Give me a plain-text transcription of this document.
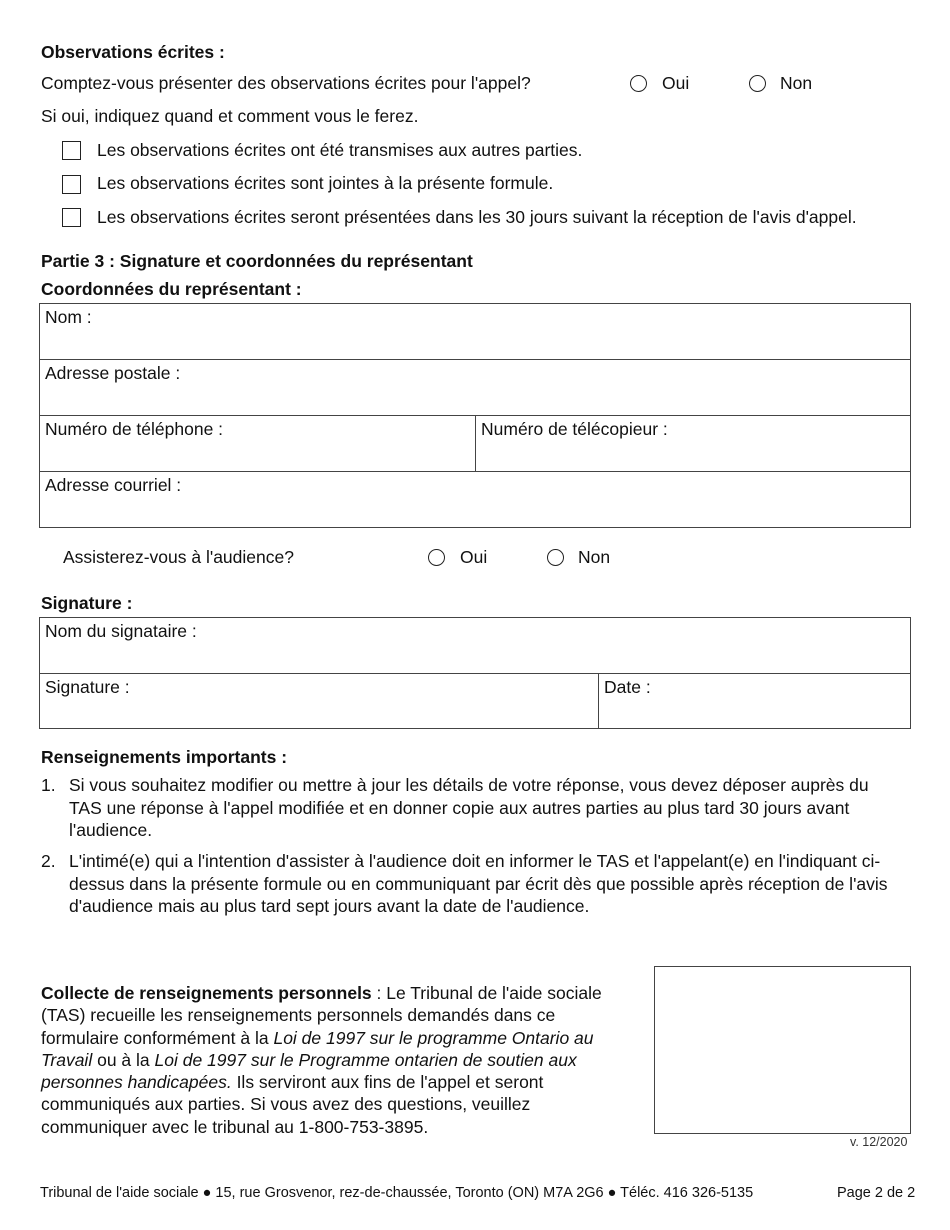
Observations écrites :
Comptez-vous présenter des observations écrites pour l'appel?	Oui	Non
Si oui, indiquez quand et comment vous le ferez.
Les observations écrites ont été transmises aux autres parties.
Les observations écrites sont jointes à la présente formule.
Les observations écrites seront présentées dans les 30 jours suivant la réception de l'avis d'appel.
Partie 3 : Signature et coordonnées du représentant
Coordonnées du représentant :
Nom :
Adresse postale :
Numéro de téléphone :	Numéro de télécopieur :
Adresse courriel :
Assisterez-vous à l'audience?	Oui	Non
Signature :
Nom du signataire :
Signature :	Date :
Renseignements importants :
1. Si vous souhaitez modifier ou mettre à jour les détails de votre réponse, vous devez déposer auprès du TAS une réponse à l'appel modifiée et en donner copie aux autres parties au plus tard 30 jours avant l'audience.
2. L'intimé(e) qui a l'intention d'assister à l'audience doit en informer le TAS et l'appelant(e) en l'indiquant ci-dessus dans la présente formule ou en communiquant par écrit dès que possible après réception de l'avis d'audience mais au plus tard sept jours avant la date de l'audience.
Collecte de renseignements personnels : Le Tribunal de l'aide sociale (TAS) recueille les renseignements personnels demandés dans ce formulaire conformément à la Loi de 1997 sur le programme Ontario au Travail ou à la Loi de 1997 sur le Programme ontarien de soutien aux personnes handicapées. Ils serviront aux fins de l'appel et seront communiqués aux parties. Si vous avez des questions, veuillez communiquer avec le tribunal au 1-800-753-3895.
v. 12/2020
Tribunal de l'aide sociale ● 15, rue Grosvenor, rez-de-chaussée, Toronto (ON) M7A 2G6 ● Téléc. 416 326-5135	Page 2 de 2
